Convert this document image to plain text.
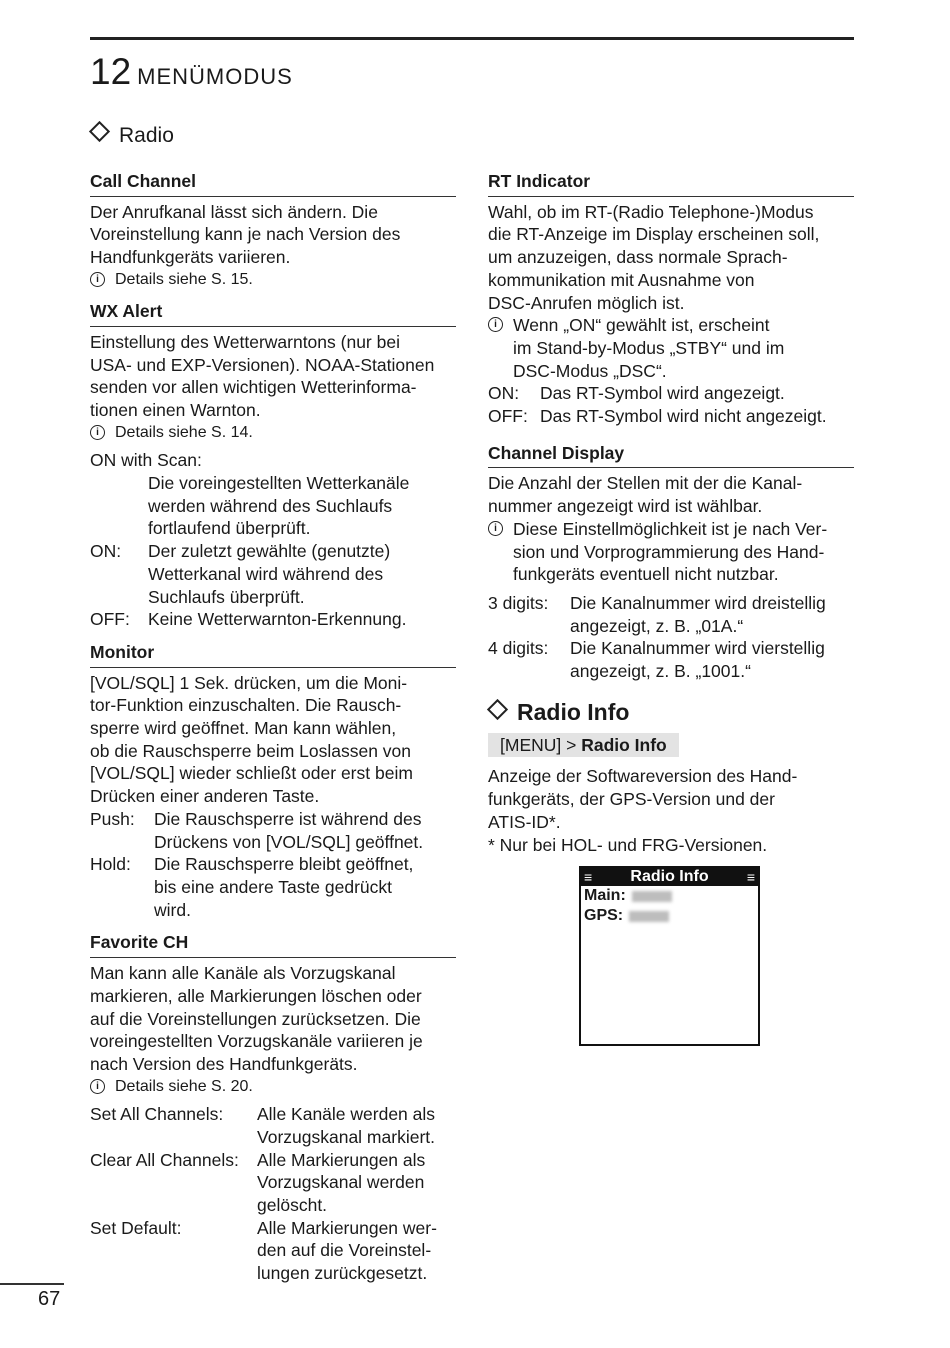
12 MENÜMODUS
Radio
Call Channel
Der Anrufkanal lässt sich ändern. Die
Voreinstellung kann je nach Version des
Handfunkgeräts variieren.
i	Details siehe S. 15.
WX Alert
Einstellung des Wetterwarntons (nur bei
USA- und EXP-Versionen). NOAA-Stationen
senden vor allen wichtigen Wetterinforma-
tionen einen Warnton.
i	Details siehe S. 14.
ON with Scan:
Die voreingestellten Wetterkanäle
werden während des Suchlaufs
fortlaufend überprüft.
ON:	Der zuletzt gewählte (genutzte)
Wetterkanal wird während des
Suchlaufs überprüft.
OFF:	Keine Wetterwarnton-Erkennung.
Monitor
[VOL/SQL] 1 Sek. drücken, um die Moni-
tor-Funktion einzuschalten. Die Rausch-
sperre wird geöffnet. Man kann wählen,
ob die Rauschsperre beim Loslassen von
[VOL/SQL] wieder schließt oder erst beim
Drücken einer anderen Taste.
Push:	Die Rauschsperre ist während des
Drückens von [VOL/SQL] geöffnet.
Hold:	Die Rauschsperre bleibt geöffnet,
bis eine andere Taste gedrückt
wird.
Favorite CH
Man kann alle Kanäle als Vorzugskanal
markieren, alle Markierungen löschen oder
auf die Voreinstellungen zurücksetzen. Die
voreingestellten Vorzugskanäle variieren je
nach Version des Handfunkgeräts.
i	Details siehe S. 20.
Set All Channels:	Alle Kanäle werden als
Vorzugskanal markiert.
Clear All Channels:	Alle Markierungen als
Vorzugskanal werden
gelöscht.
Set Default:	Alle Markierungen wer-
den auf die Voreinstel-
lungen zurückgesetzt.
RT Indicator
Wahl, ob im RT-(Radio Telephone-)Modus
die RT-Anzeige im Display erscheinen soll,
um anzuzeigen, dass normale Sprach-
kommunikation mit Ausnahme von
DSC-Anrufen möglich ist.
i Wenn „ON“ gewählt ist, erscheint
im Stand-by-Modus „STBY“ und im
DSC-Modus „DSC“.
ON:	Das RT-Symbol wird angezeigt.
OFF: Das RT-Symbol wird nicht angezeigt.
Channel Display
Die Anzahl der Stellen mit der die Kanal-
nummer angezeigt wird ist wählbar.
i Diese Einstellmöglichkeit ist je nach Ver-
sion und Vorprogrammierung des Hand-
funkgeräts eventuell nicht nutzbar.
3 digits:	Die Kanalnummer wird dreistellig
angezeigt, z. B. „01A.“
4 digits:	Die Kanalnummer wird vierstellig
angezeigt, z. B. „1001.“
Radio Info
[MENU] > Radio Info
Anzeige der Softwareversion des Hand-
funkgeräts, der GPS-Version und der
ATIS-ID*.
* Nur bei HOL- und FRG-Versionen.
≡ Radio Info	≡
Main:
GPS:
67
